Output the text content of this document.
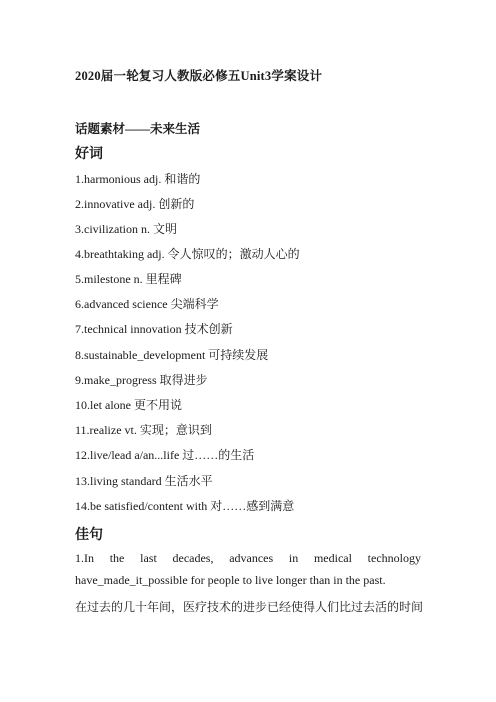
2020届一轮复习人教版必修五Unit3学案设计
话题素材——未来生活
好词
1.harmonious adj. 和谐的
2.innovative adj. 创新的
3.civilization n. 文明
4.breathtaking adj. 令人惊叹的；激动人心的
5.milestone n. 里程碑
6.advanced science 尖端科学
7.technical innovation 技术创新
8.sustainable_development 可持续发展
9.make_progress 取得进步
10.let alone 更不用说
11.realize vt. 实现；意识到
12.live/lead a/an...life 过……的生活
13.living standard 生活水平
14.be satisfied/content with 对……感到满意
佳句
1.In the last decades, advances in medical technology
have_made_it_possible for people to live longer than in the past.
在过去的几十年间，医疗技术的进步已经使得人们比过去活的时间
